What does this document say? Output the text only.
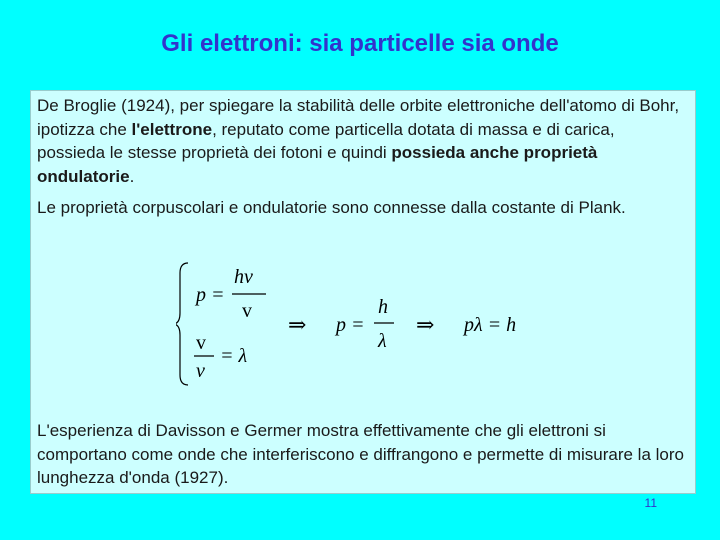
Gli elettroni: sia particelle sia onde

De Broglie (1924), per spiegare la stabilità delle orbite elettroniche dell'atomo di Bohr, ipotizza che l'elettrone, reputato come particella dotata di massa e di carica, possieda le stesse proprietà dei fotoni e quindi possieda anche proprietà ondulatorie.

Le proprietà corpuscolari e ondulatorie sono connesse dalla costante di Plank.

p =
hν
v
v
ν
= λ
⇒ p =
h
λ
⇒ pλ = h

L'esperienza di Davisson e Germer mostra effettivamente che gli elettroni si comportano come onde che interferiscono e diffrangono e permette di misurare la loro lunghezza d'onda (1927).

11
